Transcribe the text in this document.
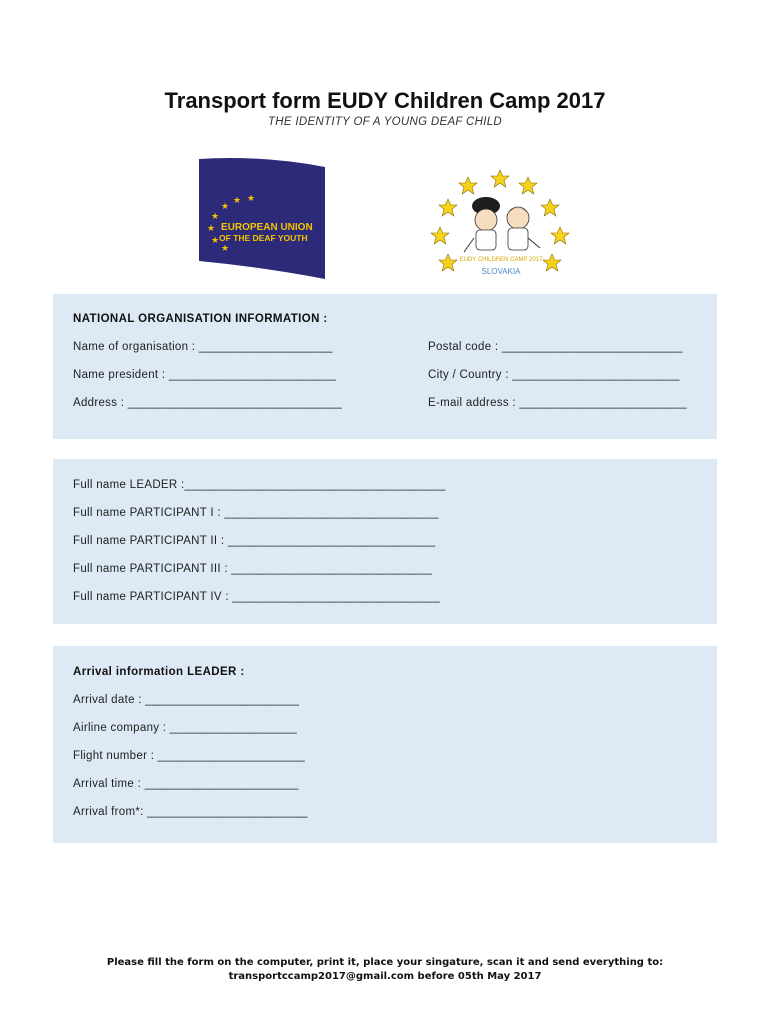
Transport form EUDY Children Camp 2017
THE IDENTITY OF A YOUNG DEAF CHILD
★
★ ★
★
★
★
★
EUROPEAN UNION
OF THE DEAF YOUTH
EUDY CHILDREN CAMP 2017
SLOVAKIA
NATIONAL ORGANISATION INFORMATION :
Name of organisation : ____________________	Postal code : ___________________________
Name president : _________________________	City / Country : _________________________
Address : ________________________________	E-mail address : _________________________
Full name LEADER :_______________________________________
Full name PARTICIPANT I : ________________________________
Full name PARTICIPANT II : _______________________________
Full name PARTICIPANT III : ______________________________
Full name PARTICIPANT IV : _______________________________
Arrival information LEADER :
Arrival date : _______________________
Airline company : ___________________
Flight number : ______________________
Arrival time : _______________________
Arrival from*: ________________________
Please fill the form on the computer, print it, place your singature, scan it and send everything to:
transportccamp2017@gmail.com before 05th May 2017
